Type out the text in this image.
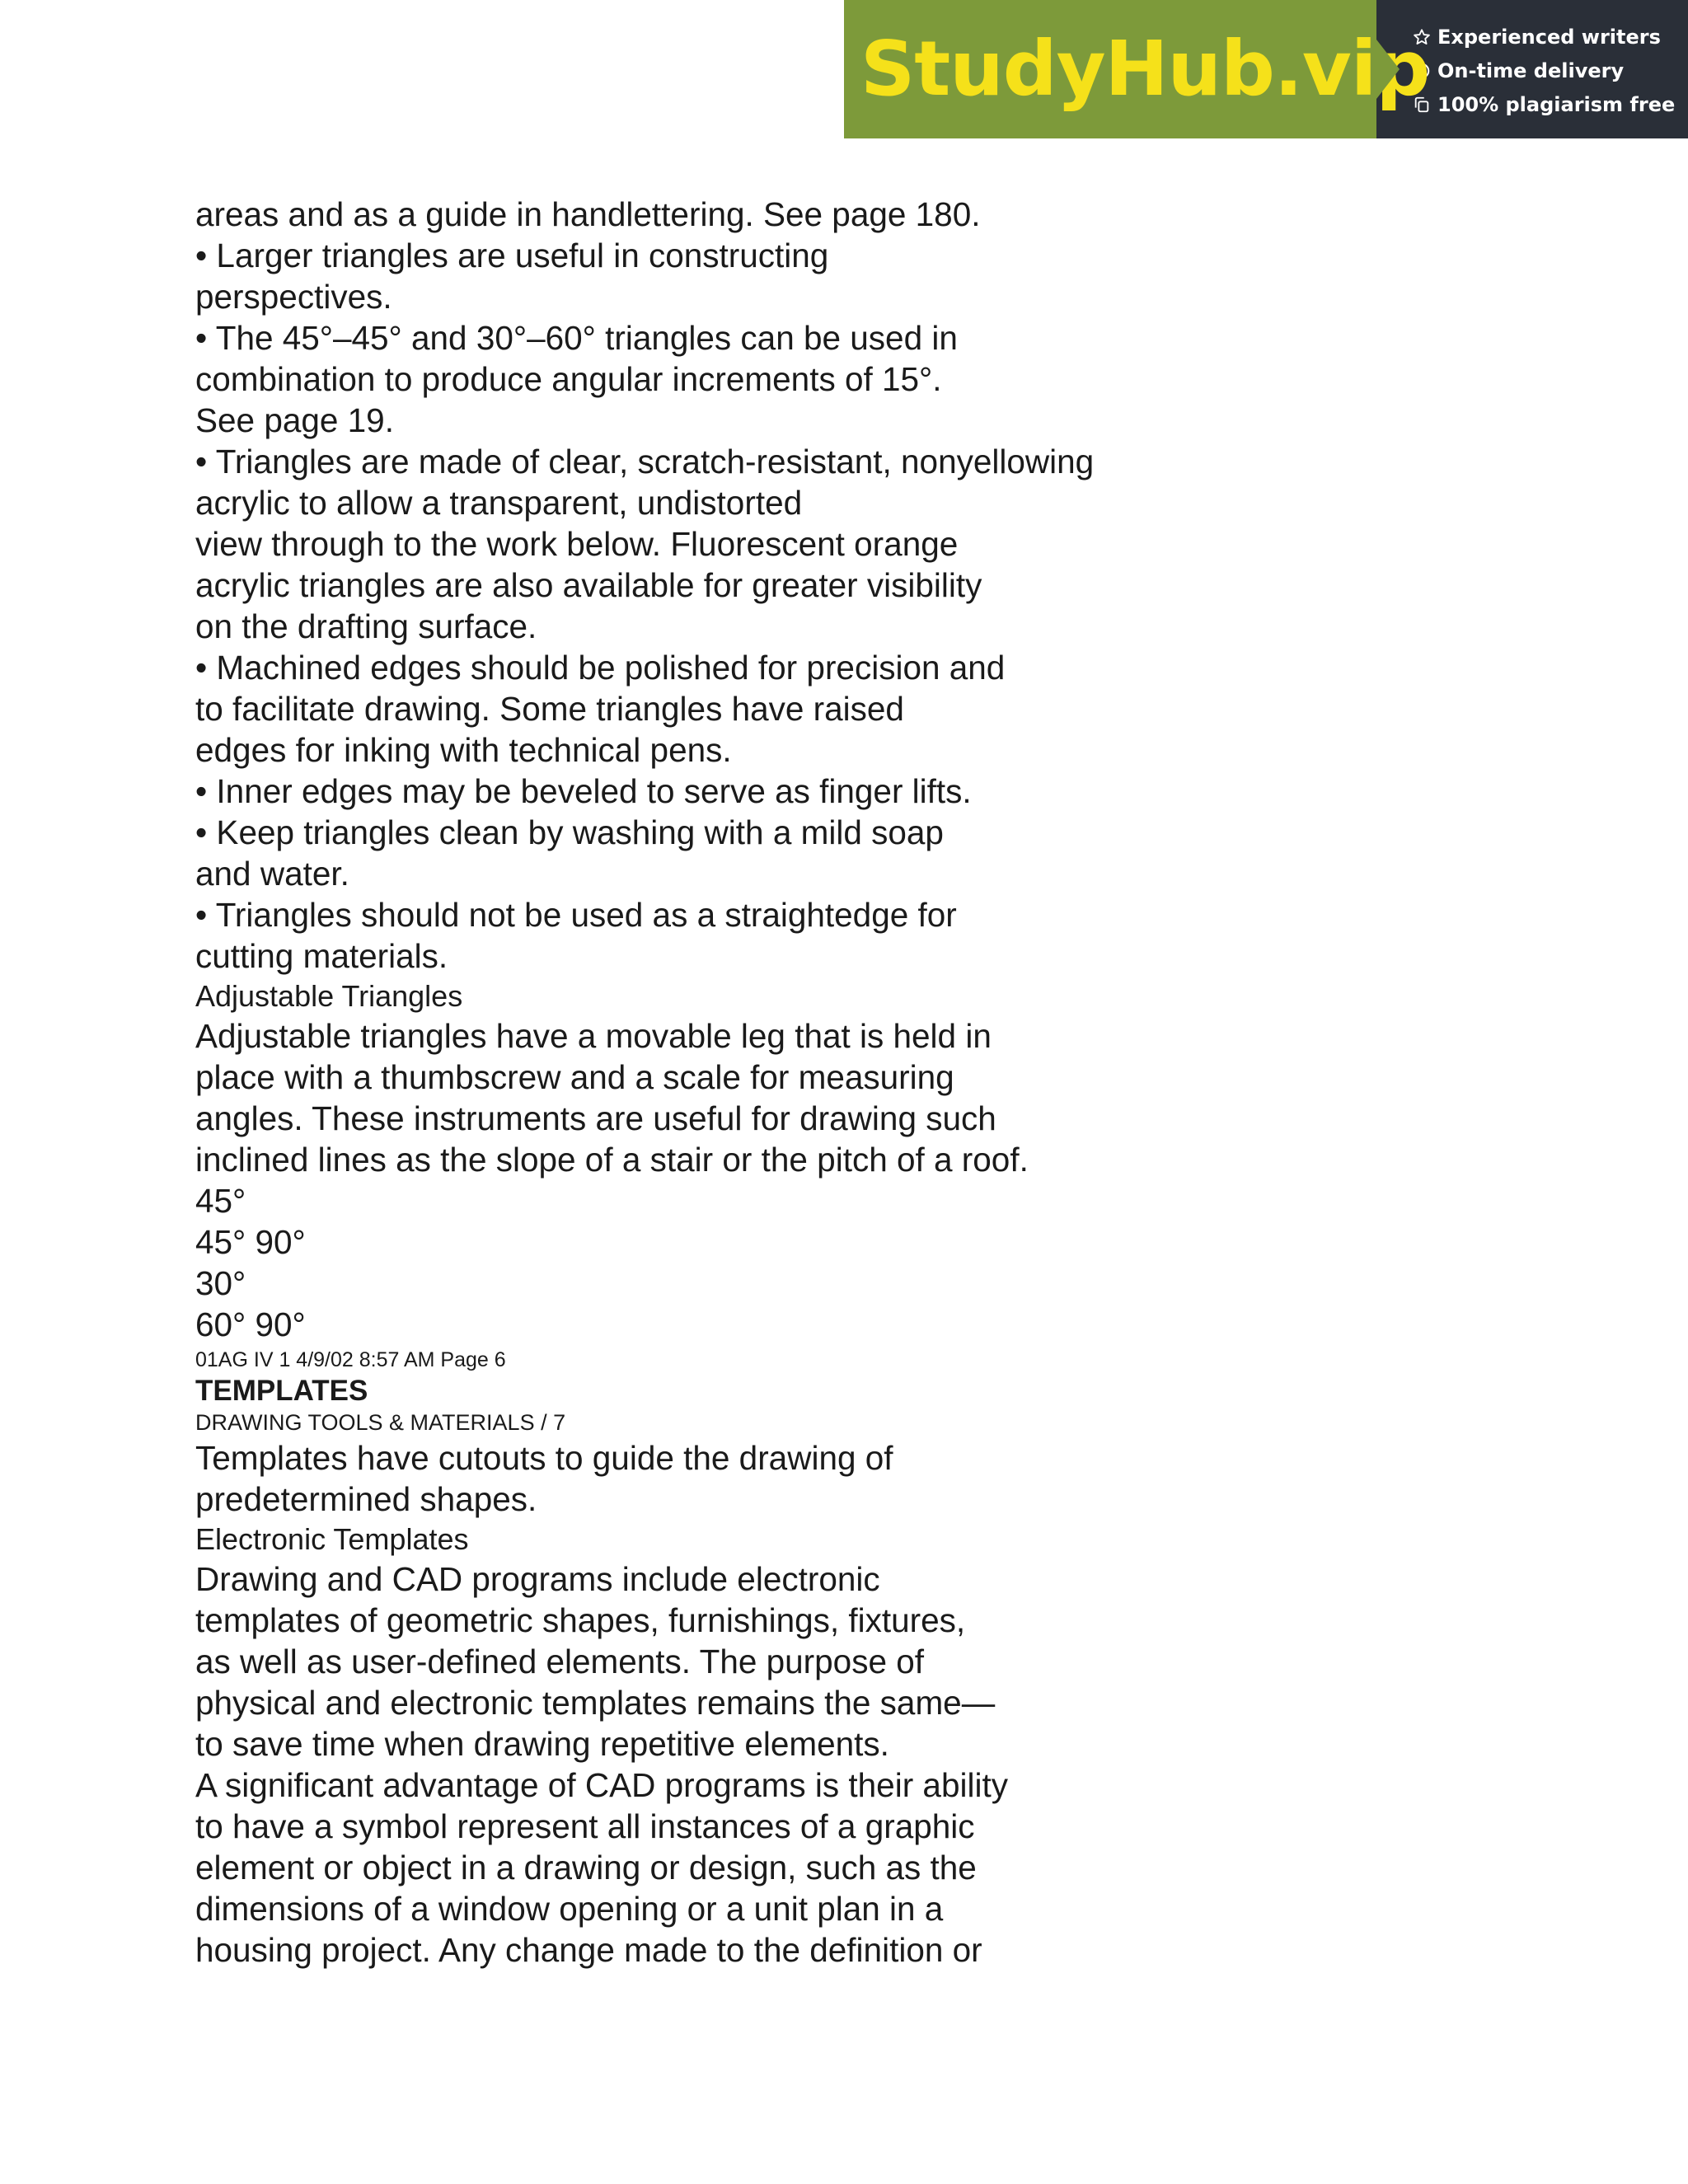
StudyHub.vip Experienced writers
On-time delivery
100% plagiarism free
areas and as a guide in handlettering. See page 180.
• Larger triangles are useful in constructing
perspectives.
• The 45°–45° and 30°–60° triangles can be used in
combination to produce angular increments of 15°.
See page 19.
• Triangles are made of clear, scratch-resistant, nonyellowing
acrylic to allow a transparent, undistorted
view through to the work below. Fluorescent orange
acrylic triangles are also available for greater visibility
on the drafting surface.
• Machined edges should be polished for precision and
to facilitate drawing. Some triangles have raised
edges for inking with technical pens.
• Inner edges may be beveled to serve as finger lifts.
• Keep triangles clean by washing with a mild soap
and water.
• Triangles should not be used as a straightedge for
cutting materials.
Adjustable Triangles
Adjustable triangles have a movable leg that is held in
place with a thumbscrew and a scale for measuring
angles. These instruments are useful for drawing such
inclined lines as the slope of a stair or the pitch of a roof.
45°
45° 90°
30°
60° 90°
01AG IV 1 4/9/02 8:57 AM Page 6
TEMPLATES
DRAWING TOOLS & MATERIALS / 7
Templates have cutouts to guide the drawing of
predetermined shapes.
Electronic Templates
Drawing and CAD programs include electronic
templates of geometric shapes, furnishings, fixtures,
as well as user-defined elements. The purpose of
physical and electronic templates remains the same—
to save time when drawing repetitive elements.
A significant advantage of CAD programs is their ability
to have a symbol represent all instances of a graphic
element or object in a drawing or design, such as the
dimensions of a window opening or a unit plan in a
housing project. Any change made to the definition or
